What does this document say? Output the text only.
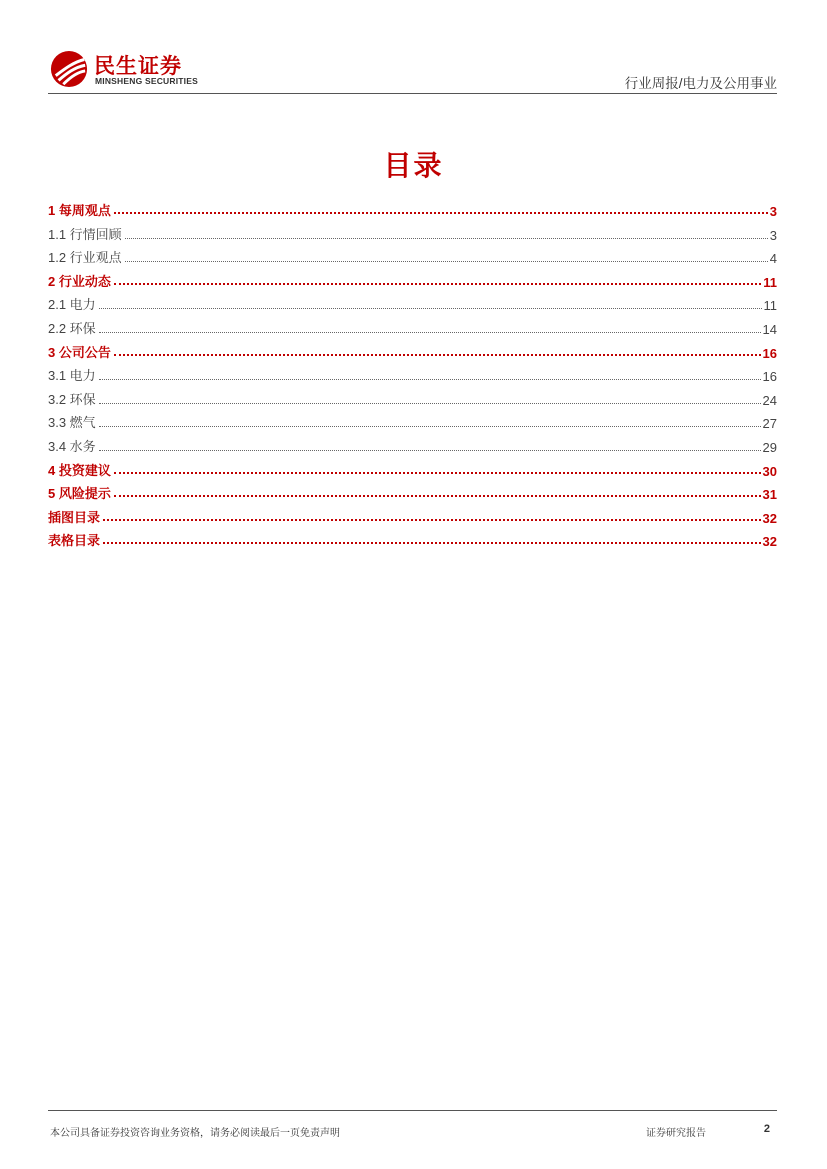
民生证券
MINSHENG SECURITIES	行业周报/电力及公用事业
目录
1 每周观点	3
1.1 行情回顾	3
1.2 行业观点	4
2 行业动态	11
2.1 电力	11
2.2 环保	14
3 公司公告	16
3.1 电力	16
3.2 环保	24
3.3 燃气	27
3.4 水务	29
4 投资建议	30
5 风险提示	31
插图目录	32
表格目录	32
本公司具备证券投资咨询业务资格，请务必阅读最后一页免责声明	证券研究报告	2
